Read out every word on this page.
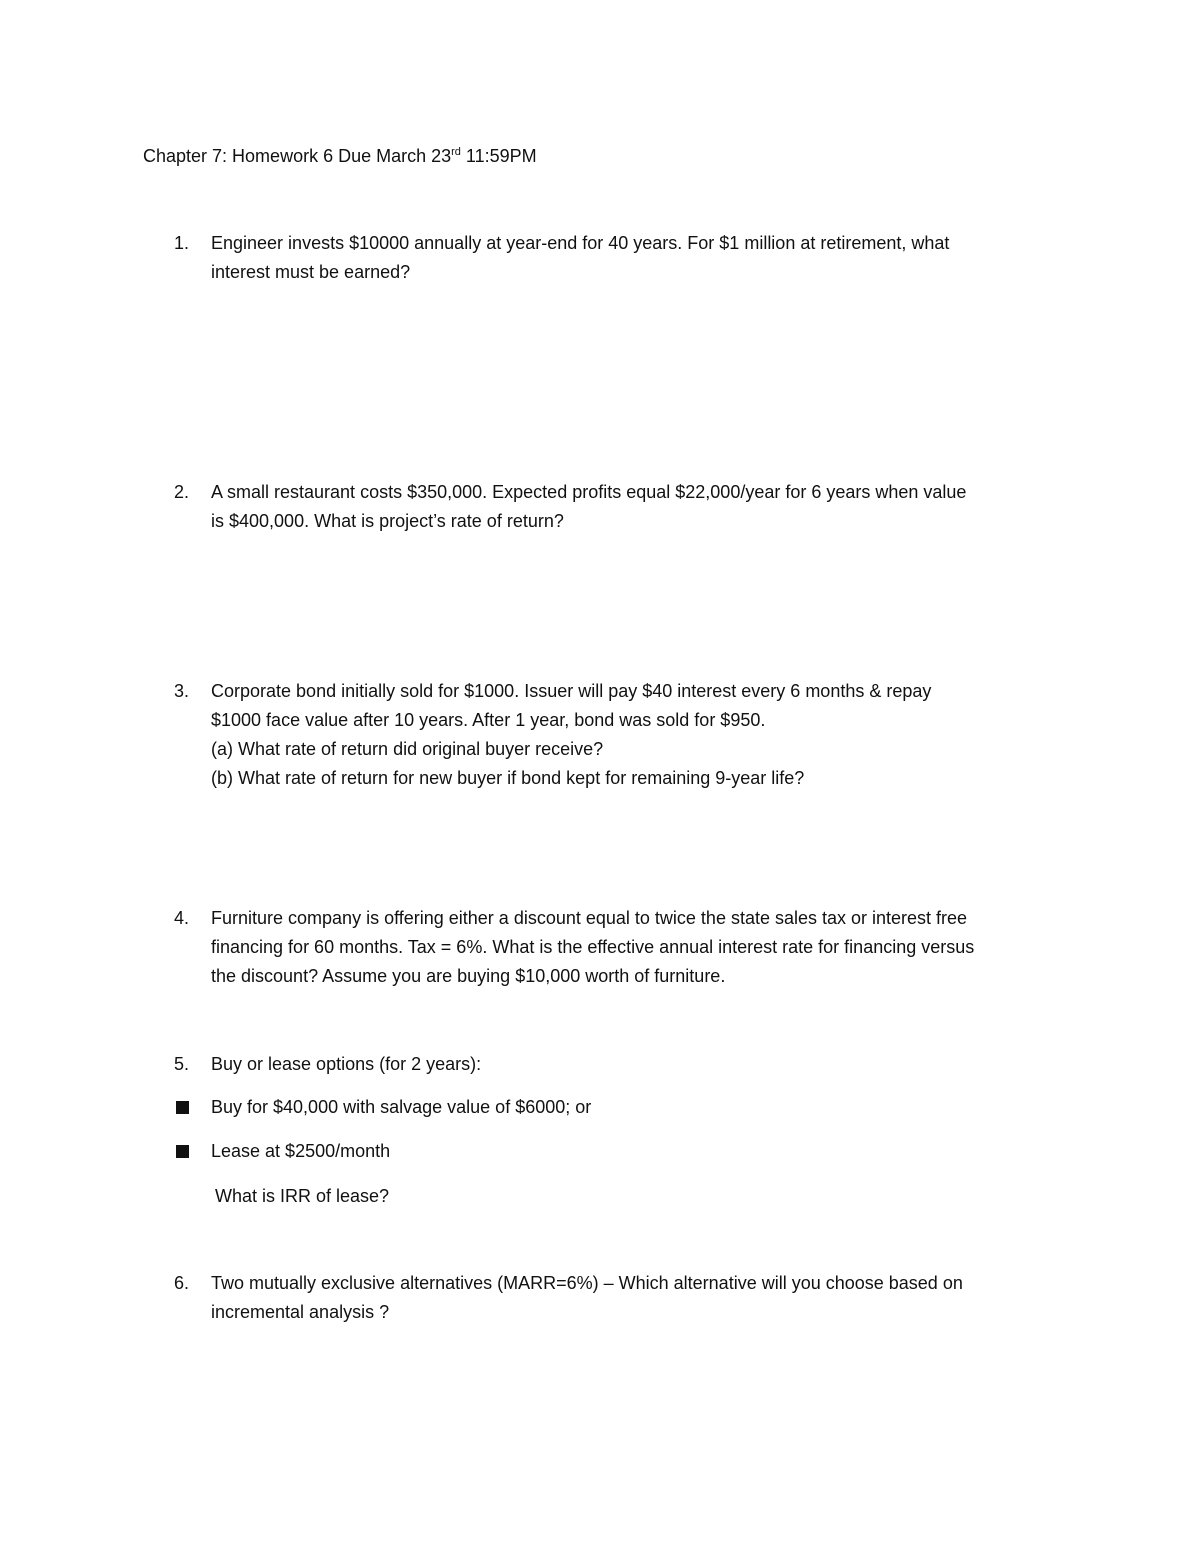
Chapter 7: Homework 6 Due March 23rd 11:59PM
1.	Engineer invests $10000 annually at year-end for 40 years. For $1 million at retirement, what
interest must be earned?
2.	A small restaurant costs $350,000. Expected profits equal $22,000/year for 6 years when value
is $400,000. What is project’s rate of return?
3.	Corporate bond initially sold for $1000. Issuer will pay $40 interest every 6 months & repay
$1000 face value after 10 years. After 1 year, bond was sold for $950.
(a) What rate of return did original buyer receive?
(b) What rate of return for new buyer if bond kept for remaining 9-year life?
4.	Furniture company is offering either a discount equal to twice the state sales tax or interest free
financing for 60 months. Tax = 6%. What is the effective annual interest rate for financing versus
the discount? Assume you are buying $10,000 worth of furniture.
5.	Buy or lease options (for 2 years):
Buy for $40,000 with salvage value of $6000; or
Lease at $2500/month
What is IRR of lease?
6.	Two mutually exclusive alternatives (MARR=6%) – Which alternative will you choose based on
incremental analysis ?
